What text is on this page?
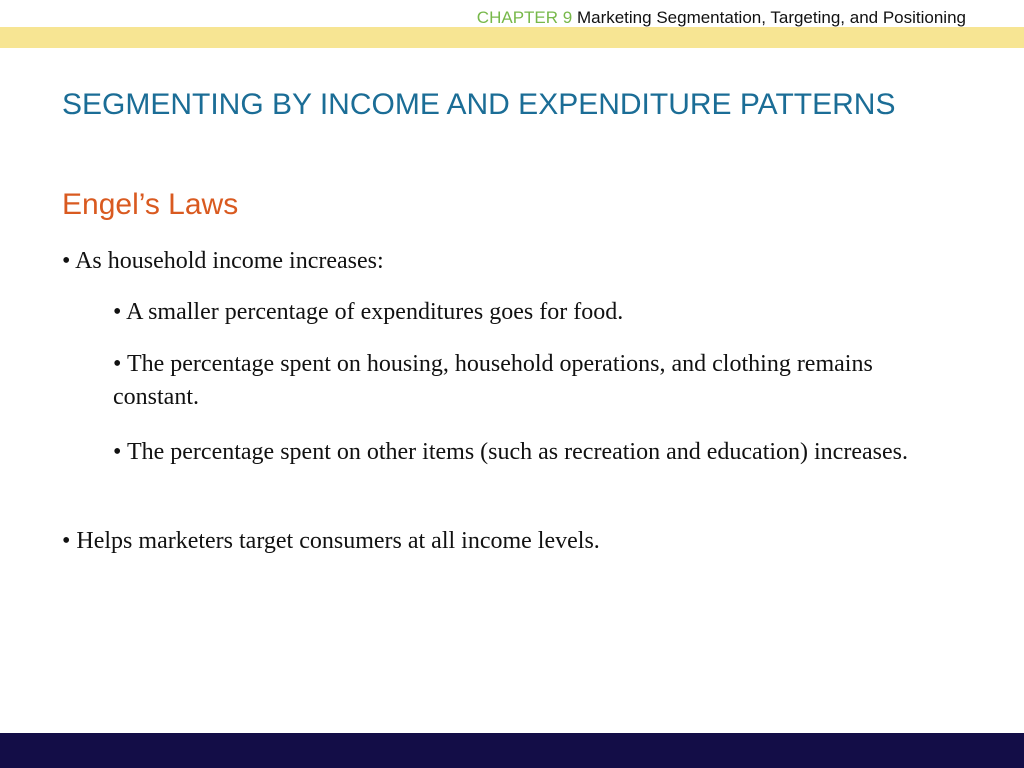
CHAPTER 9 Marketing Segmentation, Targeting, and Positioning
SEGMENTING BY INCOME AND EXPENDITURE PATTERNS
Engel’s Laws
• As household income increases:
• A smaller percentage of expenditures goes for food.
• The percentage spent on housing, household operations, and clothing remains constant.
• The percentage spent on other items (such as recreation and education) increases.
• Helps marketers target consumers at all income levels.
